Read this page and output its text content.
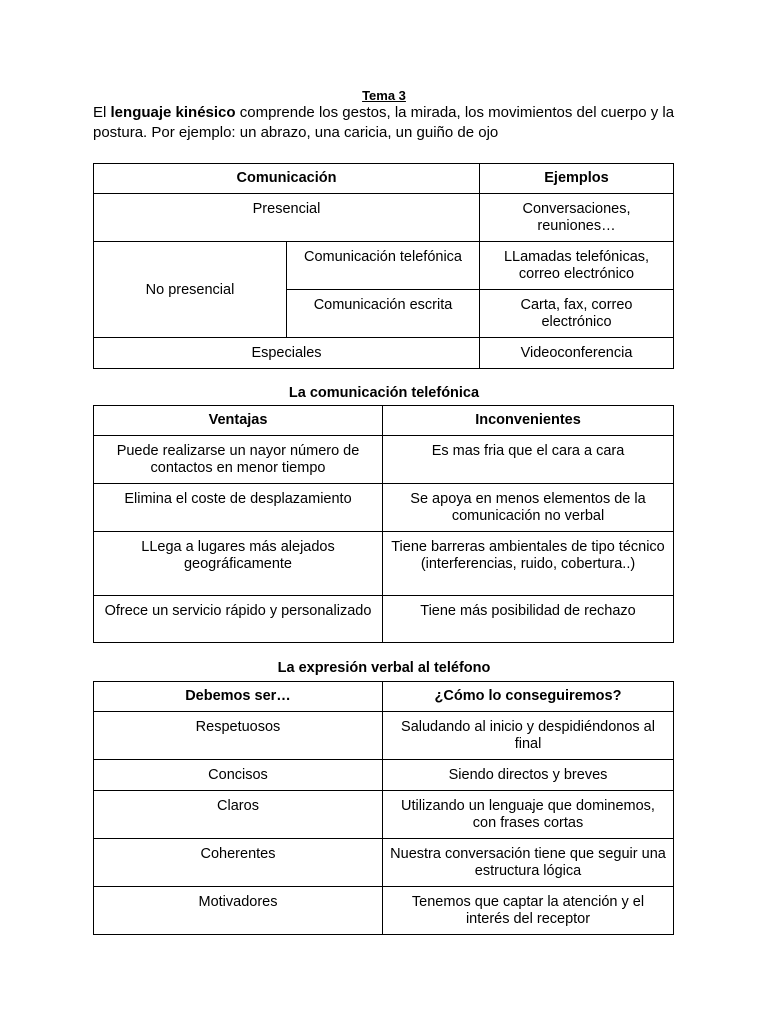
Tema 3
El lenguaje kinésico comprende los gestos, la mirada, los movimientos del cuerpo y la postura. Por ejemplo: un abrazo, una caricia, un guiño de ojo
Comunicación		Ejemplos
Presencial		Conversaciones, reuniones…
No presencial	Comunicación telefónica	LLamadas telefónicas, correo electrónico
	Comunicación escrita	Carta, fax, correo electrónico
Especiales		Videoconferencia
La comunicación telefónica
Ventajas	Inconvenientes
Puede realizarse un nayor número de contactos en menor tiempo	Es mas fria que el cara a cara
Elimina el coste de desplazamiento	Se apoya en menos elementos de la comunicación no verbal
LLega a lugares más alejados geográficamente	Tiene barreras ambientales de tipo técnico (interferencias, ruido, cobertura..)
Ofrece un servicio rápido y personalizado	Tiene más posibilidad de rechazo
La expresión verbal al teléfono
Debemos ser…	¿Cómo lo conseguiremos?
Respetuosos	Saludando al inicio y despidiéndonos al final
Concisos	Siendo directos y breves
Claros	Utilizando un lenguaje que dominemos, con frases cortas
Coherentes	Nuestra conversación tiene que seguir una estructura lógica
Motivadores	Tenemos que captar la atención y el interés del receptor
